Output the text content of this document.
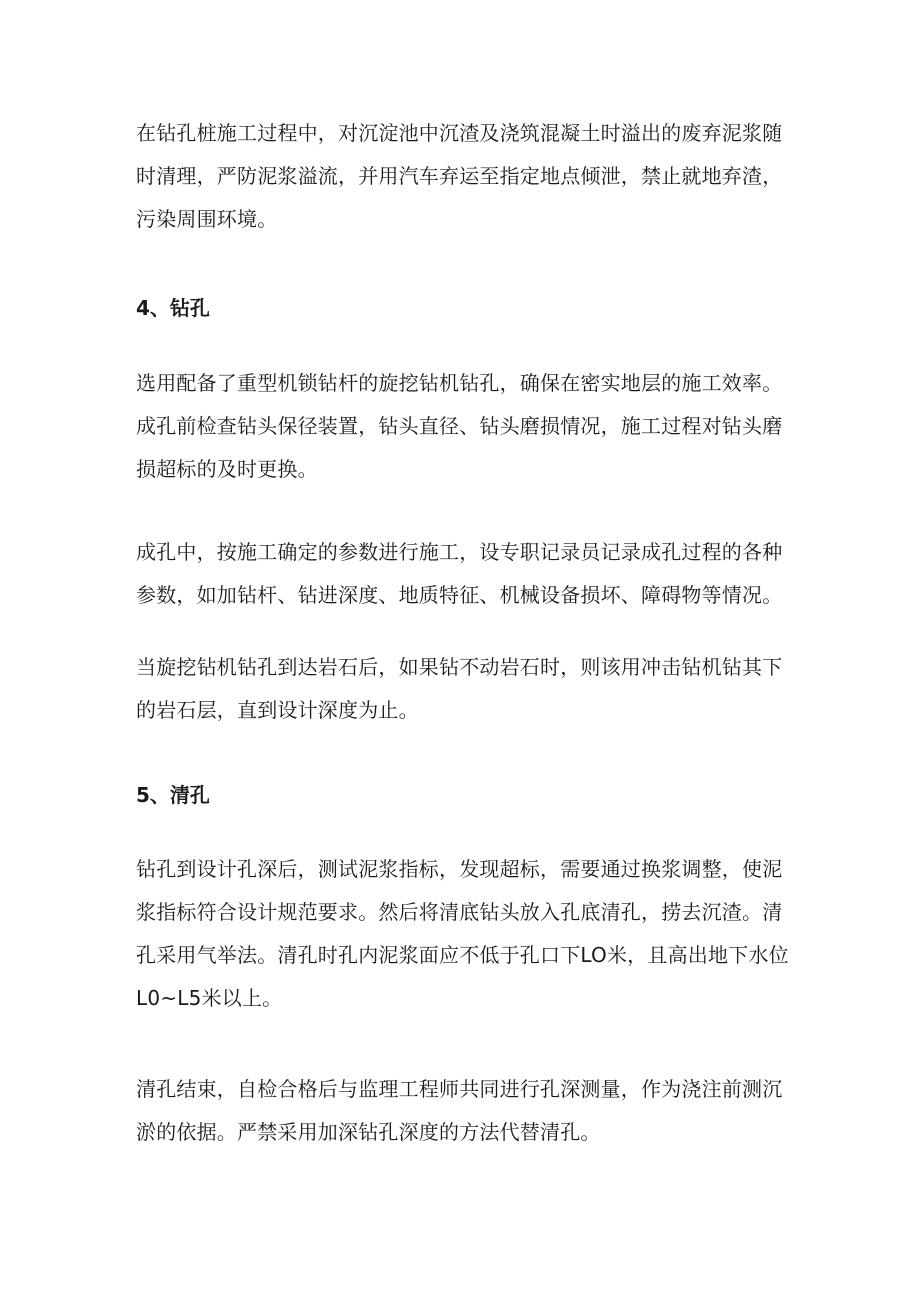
在钻孔桩施工过程中，对沉淀池中沉渣及浇筑混凝土时溢出的废弃泥浆随时清理，严防泥浆溢流，并用汽车弃运至指定地点倾泄，禁止就地弃渣，污染周围环境。

4、钻孔

选用配备了重型机锁钻杆的旋挖钻机钻孔，确保在密实地层的施工效率。成孔前检查钻头保径装置，钻头直径、钻头磨损情况，施工过程对钻头磨损超标的及时更换。

成孔中，按施工确定的参数进行施工，设专职记录员记录成孔过程的各种参数，如加钻杆、钻进深度、地质特征、机械设备损坏、障碍物等情况。

当旋挖钻机钻孔到达岩石后，如果钻不动岩石时，则该用冲击钻机钻其下的岩石层，直到设计深度为止。

5、清孔

钻孔到设计孔深后，测试泥浆指标，发现超标，需要通过换浆调整，使泥浆指标符合设计规范要求。然后将清底钻头放入孔底清孔，捞去沉渣。清孔采用气举法。清孔时孔内泥浆面应不低于孔口下LO米，且高出地下水位L0~L5米以上。

清孔结束，自检合格后与监理工程师共同进行孔深测量，作为浇注前测沉淤的依据。严禁采用加深钻孔深度的方法代替清孔。
